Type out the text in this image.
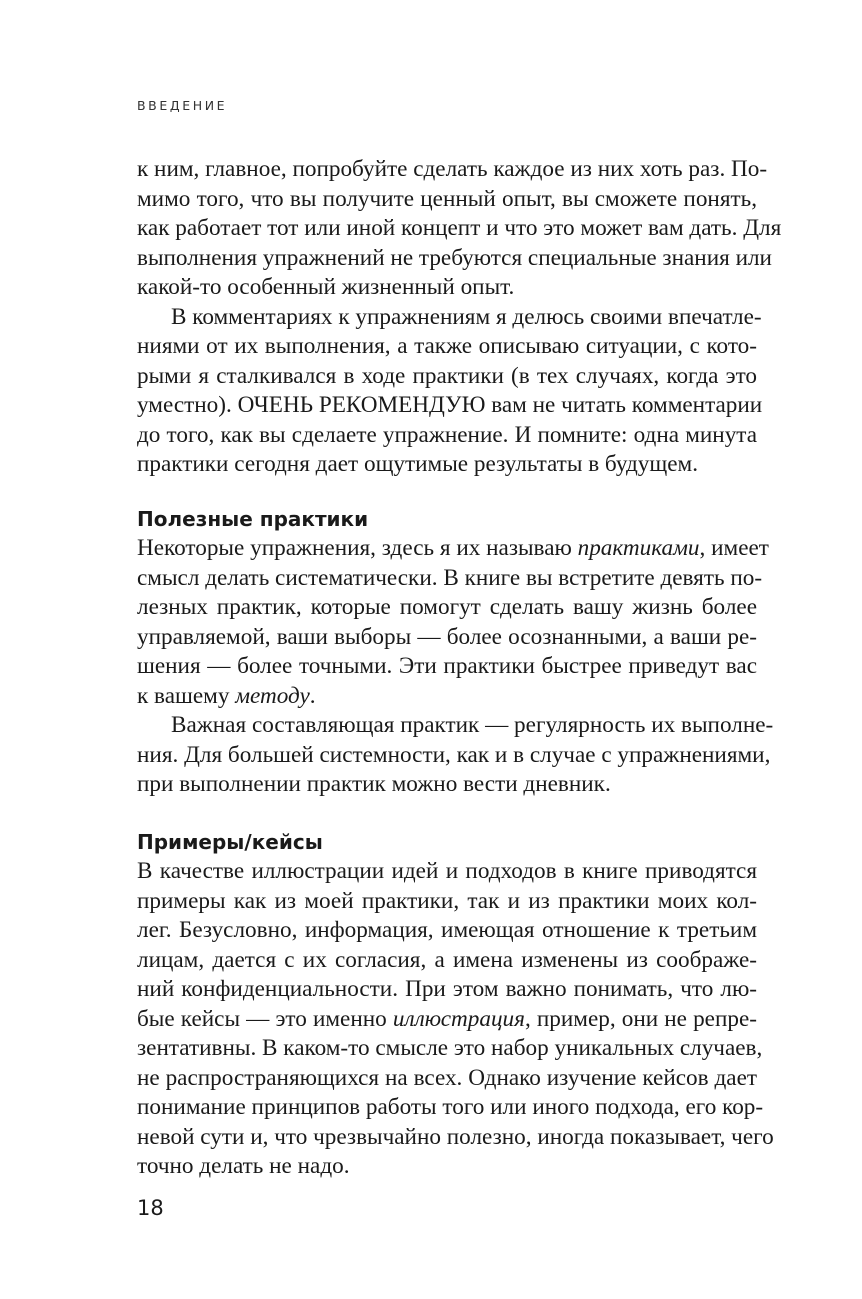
ВВЕДЕНИЕ
к ним, главное, попробуйте сделать каждое из них хоть раз. По-
мимо того, что вы получите ценный опыт, вы сможете понять,
как работает тот или иной концепт и что это может вам дать. Для
выполнения упражнений не требуются специальные знания или
какой-то особенный жизненный опыт.
В комментариях к упражнениям я делюсь своими впечатле-
ниями от их выполнения, а также описываю ситуации, с кото-
рыми я сталкивался в ходе практики (в тех случаях, когда это
уместно). ОЧЕНЬ РЕКОМЕНДУЮ вам не читать комментарии
до того, как вы сделаете упражнение. И помните: одна минута
практики сегодня дает ощутимые результаты в будущем.
Полезные практики
Некоторые упражнения, здесь я их называю практиками, имеет
смысл делать систематически. В книге вы встретите девять по-
лезных практик, которые помогут сделать вашу жизнь более
управляемой, ваши выборы — более осознанными, а ваши ре-
шения — более точными. Эти практики быстрее приведут вас
к вашему методу.
Важная составляющая практик — регулярность их выполне-
ния. Для большей системности, как и в случае с упражнениями,
при выполнении практик можно вести дневник.
Примеры/кейсы
В качестве иллюстрации идей и подходов в книге приводятся
примеры как из моей практики, так и из практики моих кол-
лег. Безусловно, информация, имеющая отношение к третьим
лицам, дается с их согласия, а имена изменены из соображе-
ний конфиденциальности. При этом важно понимать, что лю-
бые кейсы — это именно иллюстрация, пример, они не репре-
зентативны. В каком-то смысле это набор уникальных случаев,
не распространяющихся на всех. Однако изучение кейсов дает
понимание принципов работы того или иного подхода, его кор-
невой сути и, что чрезвычайно полезно, иногда показывает, чего
точно делать не надо.
18
